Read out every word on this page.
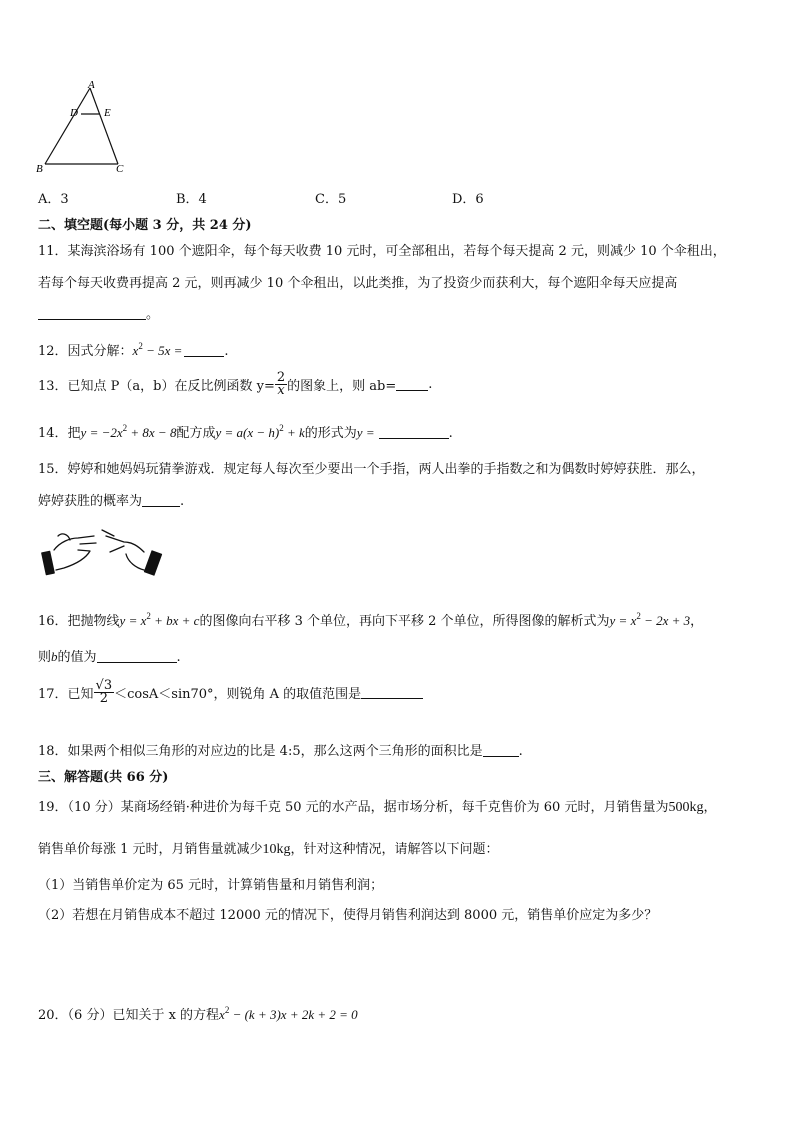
A
D E
B	C
A．3	B．4	C．5	D．6
二、填空题(每小题 3 分，共 24 分)
11．某海滨浴场有 100 个遮阳伞，每个每天收费 10 元时，可全部租出，若每个每天提高 2 元，则减少 10 个伞租出，
若每个每天收费再提高 2 元，则再减少 10 个伞租出，以此类推，为了投资少而获利大，每个遮阳伞每天应提高
。
12．因式分解：$x^2 - 5x$ =	.
13．已知点 P（a，b）在反比例函数 $y= \frac{2}{x}$ 的图象上，则 ab= .
14．把$y = -2x^2 + 8x - 8$配方成$y = a(x - h)^2 + k$的形式为y =	.
15．婷婷和她妈妈玩猜拳游戏．规定每人每次至少要出一个手指，两人出拳的手指数之和为偶数时婷婷获胜．那么，
婷婷获胜的概率为	.
16．把抛物线$y = x^2$ + bx + c的图像向右平移 3 个单位，再向下平移 2 个单位，所得图像的解析式为$y = x^2 - 2x + 3$，
则b的值为	.
17．已知 $\frac{√3}{2} <\cos A<\sin 70^\circ$，则锐角 A 的取值范围是
18．如果两个相似三角形的对应边的比是 4:5，那么这两个三角形的面积比是	.
三、解答题(共 66 分)
19．（10 分）某商场经销·种进价为每千克 50 元的水产品，据市场分析，每千克售价为 60 元时，月销售量为500kg，
销售单价每涨 1 元时，月销售量就减少10kg，针对这种情况，请解答以下问题：
（1）当销售单价定为 65 元时，计算销售量和月销售利润；
（2）若想在月销售成本不超过 12000 元的情况下，使得月销售利润达到 8000 元，销售单价应定为多少？
20．（6 分）已知关于 x 的方程$x^2 - (k + 3)x + 2k + 2 = 0$
